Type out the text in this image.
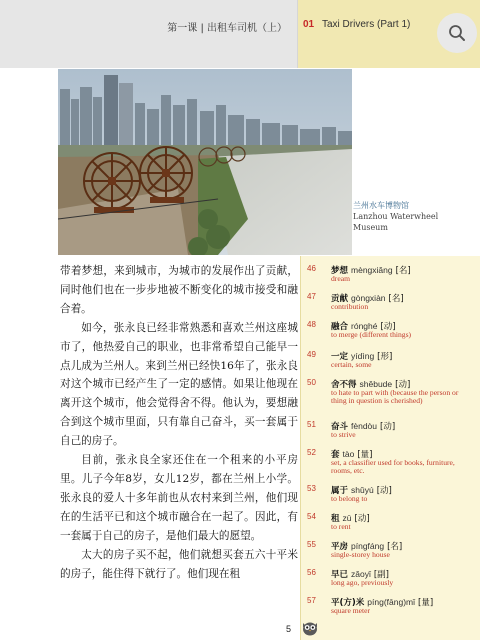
第一课 | 出租车司机（上） 01 Taxi Drivers (Part 1)
兰州水车博物馆
Lanzhou Waterwheel
Museum

带着梦想，来到城市，为城市的发展作出了贡献，同时他们也在一步步地被不断变化的城市接受和融合着。

如今，张永良已经非常熟悉和喜欢兰州这座城市了，他热爱自己的职业，也非常希望自己能早一点儿成为兰州人。来到兰州已经快16年了，张永良对这个城市已经产生了一定的感情。如果让他现在离开这个城市，他会觉得舍不得。他认为，要想融合到这个城市里面，只有靠自己奋斗，买一套属于自己的房子。

目前，张永良全家还住在一个租来的小平房里。儿子今年8岁，女儿12岁，都在兰州上小学。张永良的爱人十多年前也从农村来到兰州，他们现在的生活平已和这个城市融合在一起了。因此，有一套属于自己的房子，是他们最大的愿望。

太大的房子买不起，他们就想买套五六十平米的房子，能住得下就行了。他们现在租

46 梦想 mèngxiǎng [名]
dream
47 贡献 gòngxiàn [名]
contribution
48 融合 rónghé [动]
to merge (different things)
49 一定 yídìng [形]
certain, some
50 舍不得 shěbude [动]
to hate to part with (because the person or thing in question is cherished)
51 奋斗 fèndòu [动]
to strive
52 套 tào [量]
set, a classifier used for books, furniture, rooms, etc.
53 属于 shǔyú [动]
to belong to
54 租 zū [动]
to rent
55 平房 píngfáng [名]
single-storey house
56 早已 zǎoyǐ [副]
long ago, previously
57 平(方)米 píng(fāng)mǐ [量]
square meter
5
